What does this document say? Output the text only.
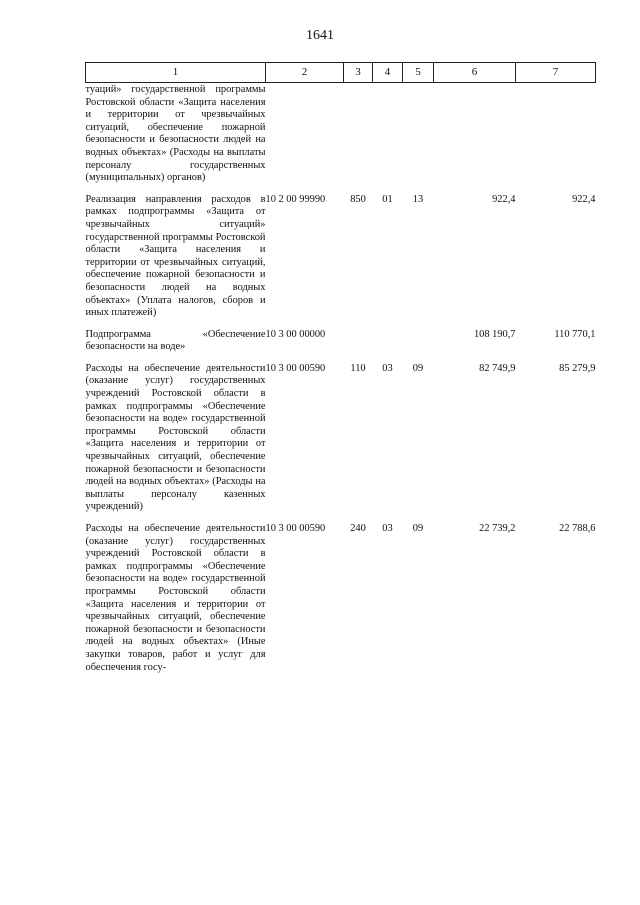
1641
1	2	3	4	5	6	7
туаций» государственной программы Ростовской области «Защита населения и территории от чрезвычайных ситуаций, обеспечение пожарной безопасности и безопасности людей на водных объектах» (Расходы на выплаты персоналу государственных (муниципальных) органов)						
Реализация направления расходов в рамках подпрограммы «Защита от чрезвычайных ситуаций» государственной программы Ростовской области «Защита населения и территории от чрезвычайных ситуаций, обеспечение пожарной безопасности и безопасности людей на водных объектах» (Уплата налогов, сборов и иных платежей)	10 2 00 99990	850	01	13	922,4	922,4
Подпрограмма «Обеспечение безопасности на воде»	10 3 00 00000				108 190,7	110 770,1
Расходы на обеспечение деятельности (оказание услуг) государственных учреждений Ростовской области в рамках подпрограммы «Обеспечение безопасности на воде» государственной программы Ростовской области «Защита населения и территории от чрезвычайных ситуаций, обеспечение пожарной безопасности и безопасности людей на водных объектах» (Расходы на выплаты персоналу казенных учреждений)	10 3 00 00590	110	03	09	82 749,9	85 279,9
Расходы на обеспечение деятельности (оказание услуг) государственных учреждений Ростовской области в рамках подпрограммы «Обеспечение безопасности на воде» государственной программы Ростовской области «Защита населения и территории от чрезвычайных ситуаций, обеспечение пожарной безопасности и безопасности людей на водных объектах» (Иные закупки товаров, работ и услуг для обеспечения госу-	10 3 00 00590	240	03	09	22 739,2	22 788,6
